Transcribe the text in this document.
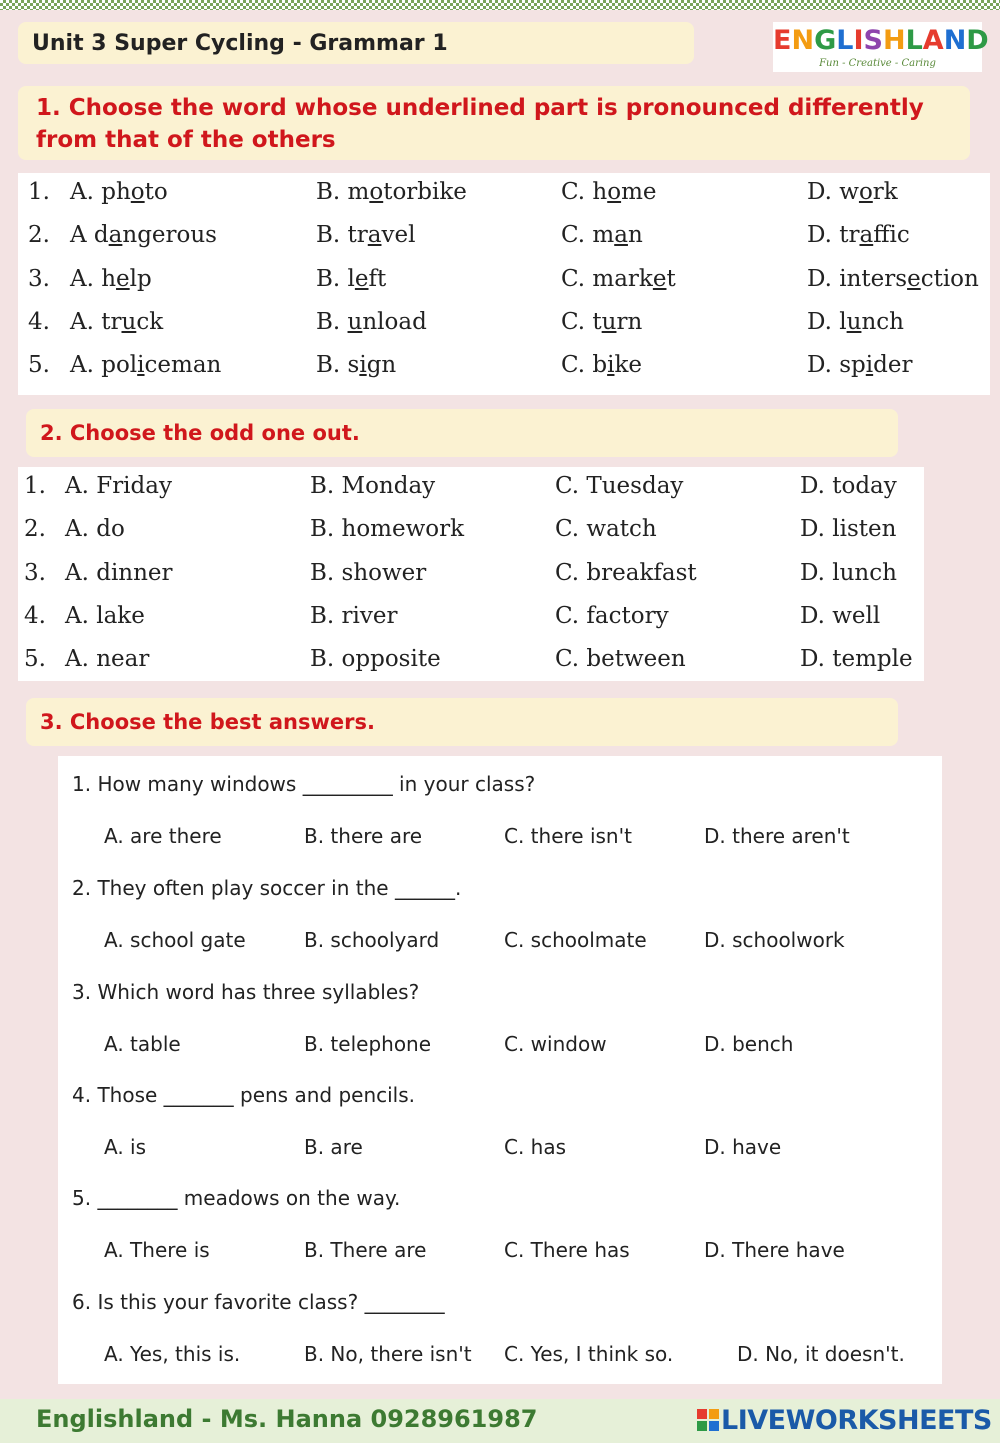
Unit 3 Super Cycling - Grammar 1	ENGLISHLAND
Fun - Creative - Caring
1. Choose the word whose underlined part is pronounced differently from that of the others
1. A. photo	B. motorbike	C. home	D. work
2. A dangerous	B. travel	C. man	D. traffic
3. A. help	B. left	C. market	D. intersection
4. A. truck	B. unload	C. turn	D. lunch
5. A. policeman	B. sign	C. bike	D. spider
2. Choose the odd one out.
1. A. Friday	B. Monday	C. Tuesday	D. today
2. A. do	B. homework	C. watch	D. listen
3. A. dinner	B. shower	C. breakfast	D. lunch
4. A. lake	B. river	C. factory	D. well
5. A. near	B. opposite	C. between	D. temple
3. Choose the best answers.
1. How many windows _________ in your class?
A. are there	B. there are	C. there isn't	D. there aren't
2. They often play soccer in the ______.
A. school gate	B. schoolyard	C. schoolmate	D. schoolwork
3. Which word has three syllables?
A. table	B. telephone	C. window	D. bench
4. Those _______ pens and pencils.
A. is	B. are	C. has	D. have
5. ________ meadows on the way.
A. There is	B. There are	C. There has	D. There have
6. Is this your favorite class? ________
A. Yes, this is.	B. No, there isn't C. Yes, I think so.	D. No, it doesn't.
Englishland - Ms. Hanna 0928961987	LIVEWORKSHEETS
